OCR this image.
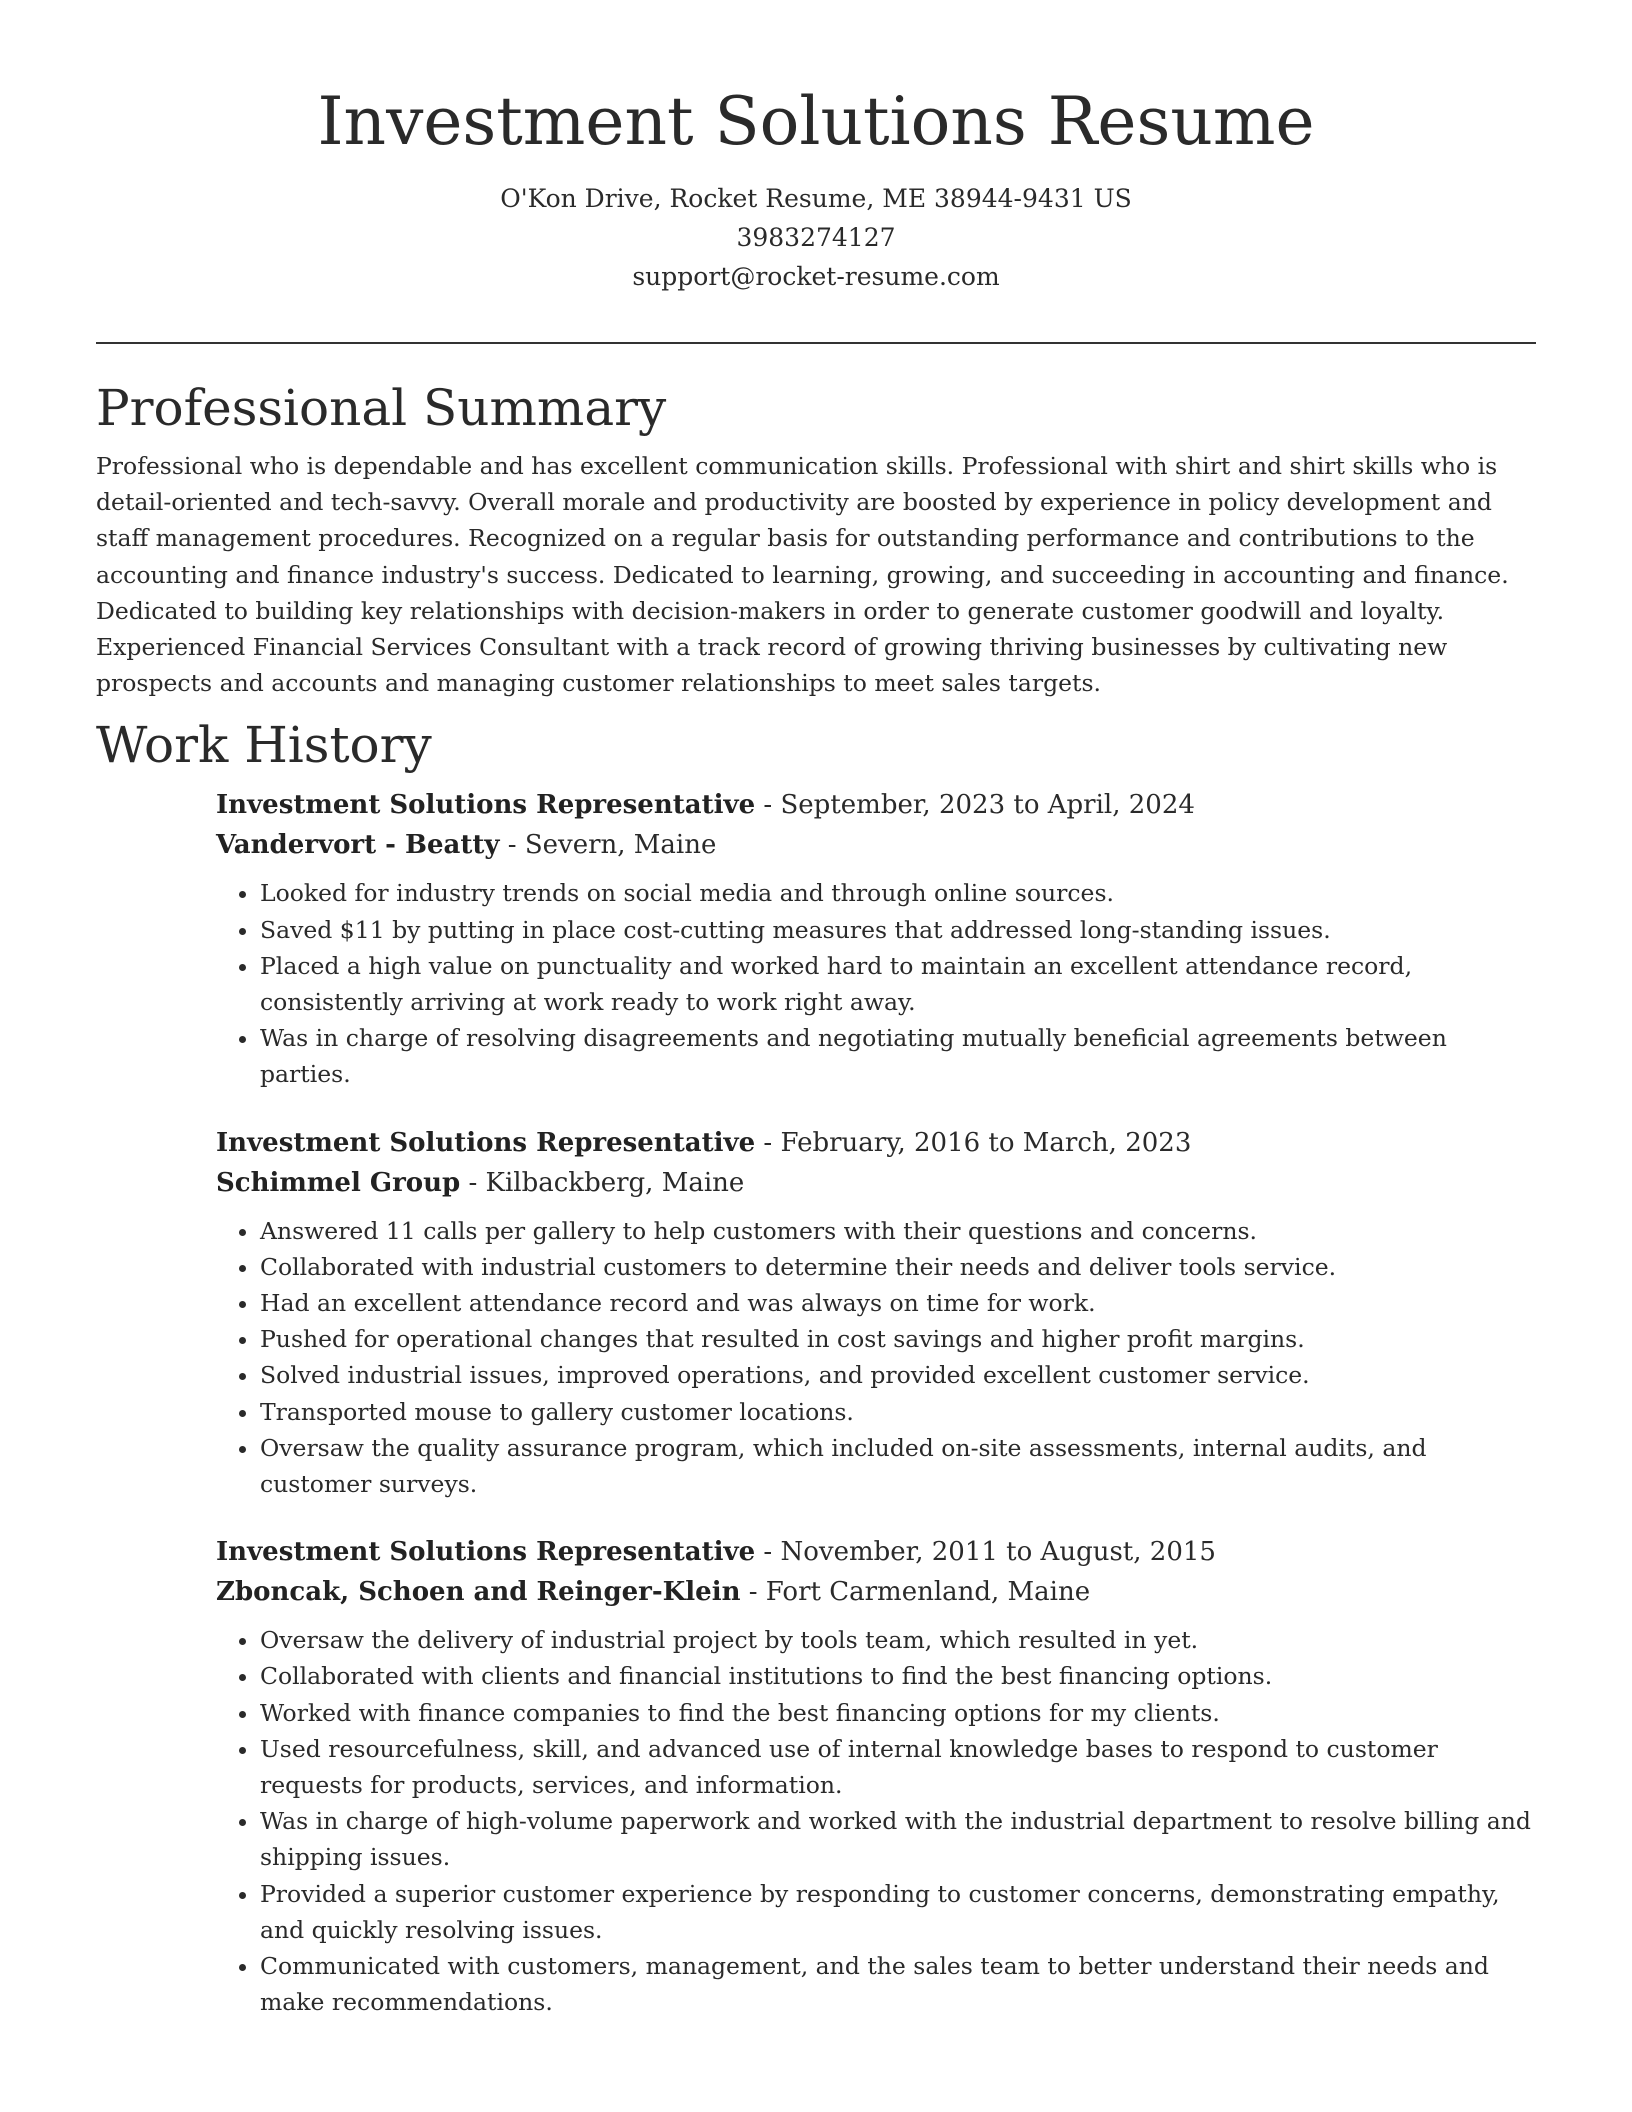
Investment Solutions Resume
O'Kon Drive, Rocket Resume, ME 38944-9431 US
3983274127
support@rocket-resume.com
Professional Summary

Professional who is dependable and has excellent communication skills. Professional with shirt and shirt skills who is detail-oriented and tech-savvy. Overall morale and productivity are boosted by experience in policy development and staff management procedures. Recognized on a regular basis for outstanding performance and contributions to the accounting and finance industry's success. Dedicated to learning, growing, and succeeding in accounting and finance. Dedicated to building key relationships with decision-makers in order to generate customer goodwill and loyalty. Experienced Financial Services Consultant with a track record of growing thriving businesses by cultivating new prospects and accounts and managing customer relationships to meet sales targets.

Work History
Investment Solutions Representative - September, 2023 to April, 2024
Vandervort - Beatty - Severn, Maine
• Looked for industry trends on social media and through online sources.
• Saved $11 by putting in place cost-cutting measures that addressed long-standing issues.
• Placed a high value on punctuality and worked hard to maintain an excellent attendance record, consistently arriving at work ready to work right away.
• Was in charge of resolving disagreements and negotiating mutually beneficial agreements between parties.
Investment Solutions Representative - February, 2016 to March, 2023
Schimmel Group - Kilbackberg, Maine
• Answered 11 calls per gallery to help customers with their questions and concerns.
• Collaborated with industrial customers to determine their needs and deliver tools service.
• Had an excellent attendance record and was always on time for work.
• Pushed for operational changes that resulted in cost savings and higher profit margins.
• Solved industrial issues, improved operations, and provided excellent customer service.
• Transported mouse to gallery customer locations.
• Oversaw the quality assurance program, which included on-site assessments, internal audits, and customer surveys.
Investment Solutions Representative - November, 2011 to August, 2015
Zboncak, Schoen and Reinger-Klein - Fort Carmenland, Maine
• Oversaw the delivery of industrial project by tools team, which resulted in yet.
• Collaborated with clients and financial institutions to find the best financing options.
• Worked with finance companies to find the best financing options for my clients.
• Used resourcefulness, skill, and advanced use of internal knowledge bases to respond to customer requests for products, services, and information.
• Was in charge of high-volume paperwork and worked with the industrial department to resolve billing and shipping issues.
• Provided a superior customer experience by responding to customer concerns, demonstrating empathy, and quickly resolving issues.
• Communicated with customers, management, and the sales team to better understand their needs and make recommendations.
